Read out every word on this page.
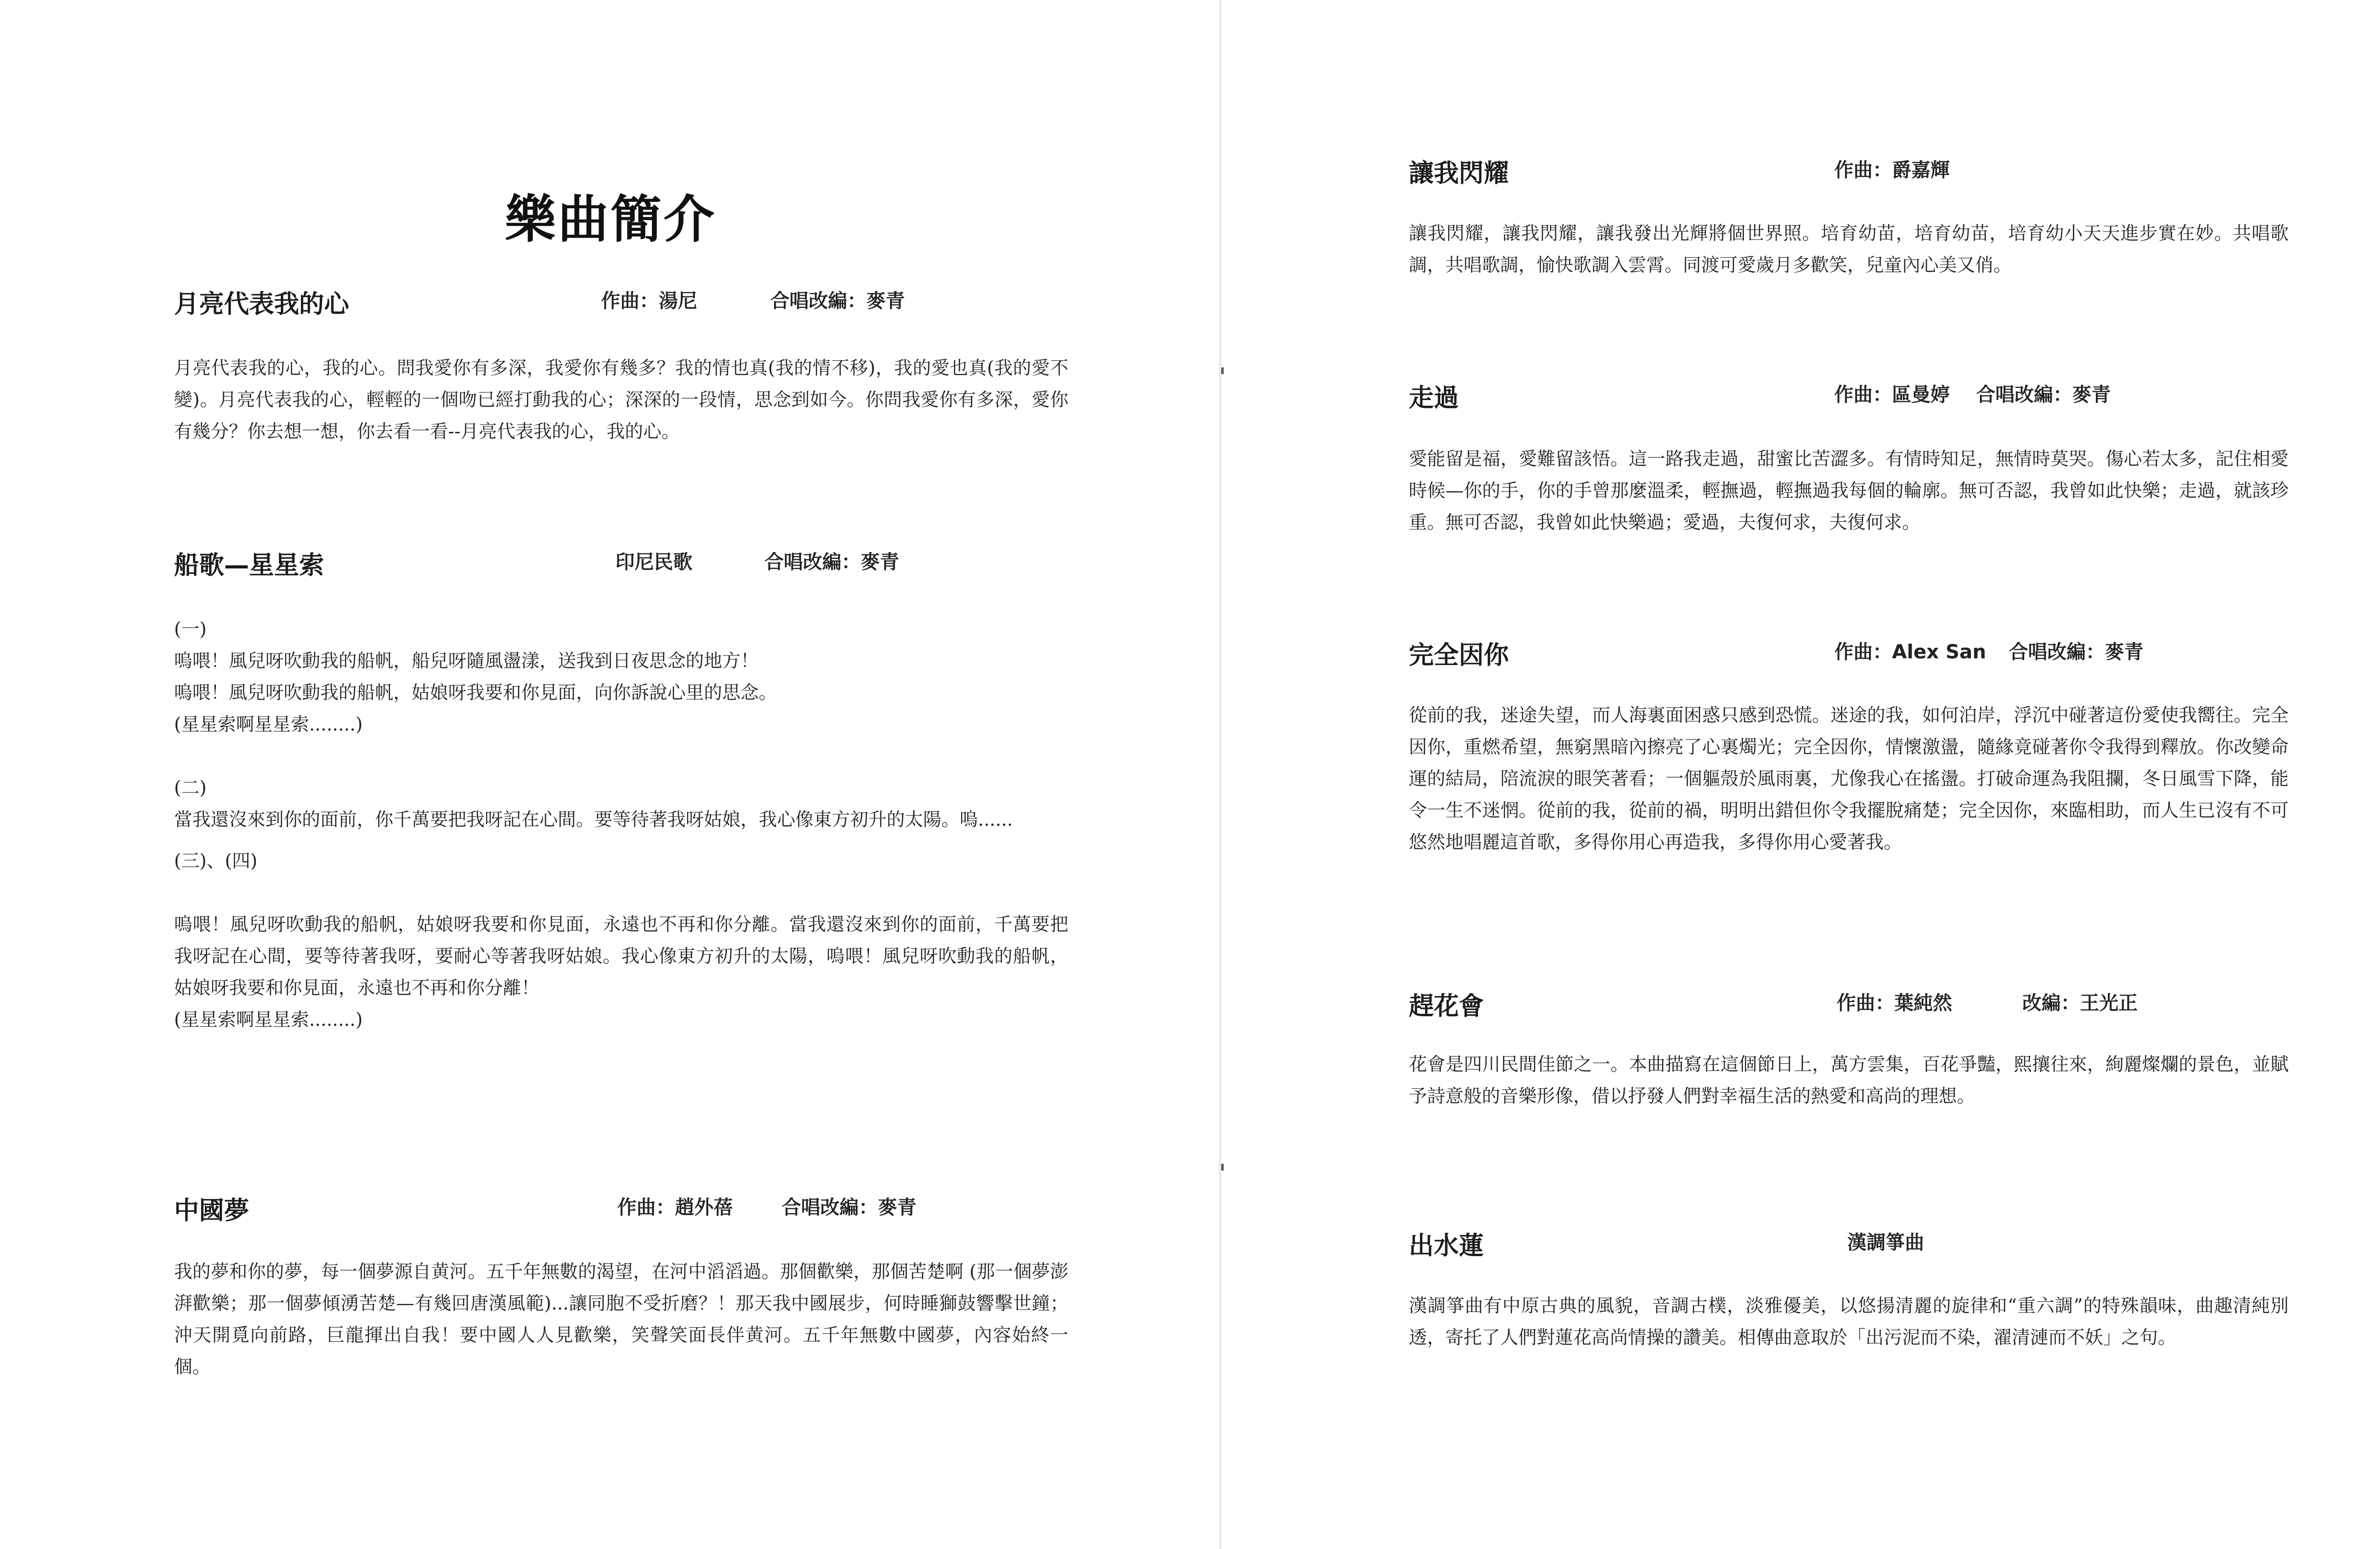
樂曲簡介
月亮代表我的心	作曲：湯尼	合唱改編：麥青

月亮代表我的心，我的心。問我愛你有多深，我愛你有幾多？我的情也真(我的情不移)，我的愛也真(我的愛不變)。月亮代表我的心，輕輕的一個吻已經打動我的心；深深的一段情，思念到如今。你問我愛你有多深，愛你有幾分？你去想一想，你去看一看--月亮代表我的心，我的心。

船歌—星星索	印尼民歌	合唱改編：麥青

(一)

嗚喂！風兒呀吹動我的船帆，船兒呀隨風盪漾，送我到日夜思念的地方！

嗚喂！風兒呀吹動我的船帆，姑娘呀我要和你見面，向你訴說心里的思念。

(星星索啊星星索........)

(二)

當我還沒來到你的面前，你千萬要把我呀記在心間。要等待著我呀姑娘，我心像東方初升的太陽。嗚......

(三)、(四)

嗚喂！風兒呀吹動我的船帆，姑娘呀我要和你見面，永遠也不再和你分離。當我還沒來到你的面前，千萬要把我呀記在心間，要等待著我呀，要耐心等著我呀姑娘。我心像東方初升的太陽，嗚喂！風兒呀吹動我的船帆，姑娘呀我要和你見面，永遠也不再和你分離！

(星星索啊星星索........)

中國夢	作曲：趙外蓓	合唱改編：麥青

我的夢和你的夢，每一個夢源自黄河。五千年無數的渴望，在河中滔滔過。那個歡樂，那個苦楚啊 (那一個夢澎湃歡樂；那一個夢傾湧苦楚—有幾回唐漢風範)...讓同胞不受折磨？！那天我中國展步，何時睡獅鼓響擊世鐘；沖天開覓向前路，巨龍揮出自我！要中國人人見歡樂，笑聲笑面長伴黄河。五千年無數中國夢，內容始終一個。

讓我閃耀	作曲：爵嘉輝

讓我閃耀，讓我閃耀，讓我發出光輝將個世界照。培育幼苗，培育幼苗，培育幼小天天進步實在妙。共唱歌調，共唱歌調，愉快歌調入雲霄。同渡可愛歲月多歡笑，兒童內心美又俏。

走過	作曲：區曼婷 合唱改編：麥青

愛能留是福，愛難留該悟。這一路我走過，甜蜜比苦澀多。有情時知足，無情時莫哭。傷心若太多，記住相愛時候—你的手，你的手曾那麼溫柔，輕撫過，輕撫過我每個的輪廓。無可否認，我曾如此快樂；走過，就該珍重。無可否認，我曾如此快樂過；愛過，夫復何求，夫復何求。

完全因你	作曲：Alex San 合唱改編：麥青

從前的我，迷途失望，而人海裏面困惑只感到恐慌。迷途的我，如何泊岸，浮沉中碰著這份愛使我嚮往。完全因你，重燃希望，無窮黑暗內擦亮了心裏燭光；完全因你，情懷激盪，隨緣竟碰著你令我得到釋放。你改變命運的結局，陪流淚的眼笑著看；一個軀殼於風雨裏，尤像我心在搖盪。打破命運為我阻攔，冬日風雪下降，能令一生不迷惘。從前的我，從前的禍，明明出錯但你令我擺脫痛楚；完全因你，來臨相助，而人生已沒有不可悠然地唱麗這首歌，多得你用心再造我，多得你用心愛著我。

趕花會	作曲：葉純然	改編：王光正

花會是四川民間佳節之一。本曲描寫在這個節日上，萬方雲集，百花爭豔，熙攘往來，絢麗燦爛的景色，並賦予詩意般的音樂形像，借以抒發人們對幸福生活的熱愛和高尚的理想。

出水蓮	漢調箏曲

漢調箏曲有中原古典的風貌，音調古樸，淡雅優美，以悠揚清麗的旋律和“重六調”的特殊韻味，曲趣清純別透，寄托了人們對蓮花高尚情操的讚美。相傳曲意取於「出污泥而不染，濯清漣而不妖」之句。
